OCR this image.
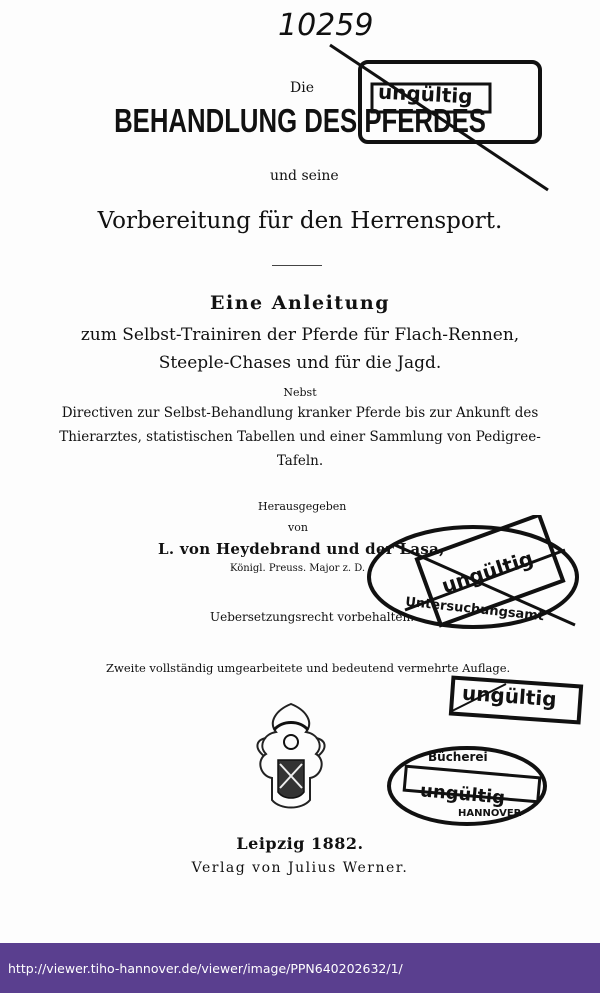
10259
Die
BEHANDLUNG DES PFERDES
und seine
Vorbereitung für den Herrensport.
Eine Anleitung
zum Selbst-Trainiren der Pferde für Flach-Rennen,
Steeple-Chases und für die Jagd.
Nebst
Directiven zur Selbst-Behandlung kranker Pferde bis zur Ankunft des
Thierarztes, statistischen Tabellen und einer Sammlung von Pedigree-
Tafeln.
Herausgegeben
von
L. von Heydebrand und der Lasa,
Königl. Preuss. Major z. D.
Uebersetzungsrecht vorbehalten.
Zweite vollständig umgearbeitete und bedeutend vermehrte Auflage.
Leipzig 1882.
Verlag von Julius Werner.
ungültig
ungültig
Untersuchungsamt
ungültig
Bücherei
ungültig
HANNOVER
http://viewer.tiho-hannover.de/viewer/image/PPN640202632/1/
